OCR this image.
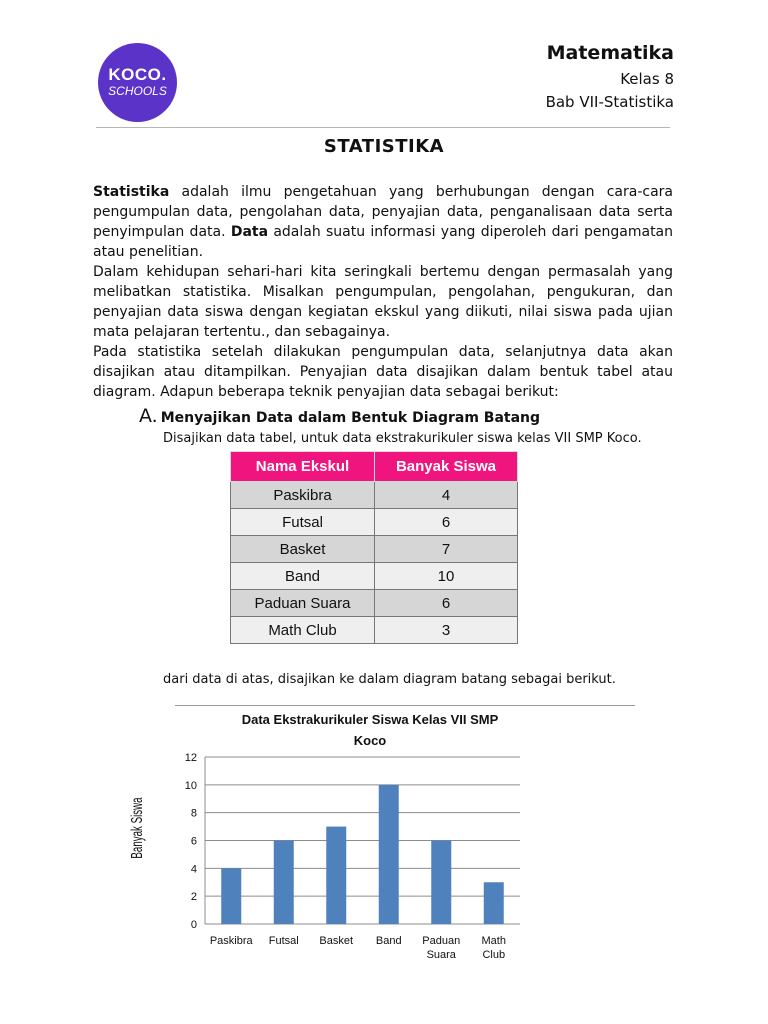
KOCO.
SCHOOLS
Matematika
Kelas 8
Bab VII-Statistika
STATISTIKA

Statistika adalah ilmu pengetahuan yang berhubungan dengan cara-cara pengumpulan data, pengolahan data, penyajian data, penganalisaan data serta penyimpulan data. Data adalah suatu informasi yang diperoleh dari pengamatan atau penelitian.

Dalam kehidupan sehari-hari kita seringkali bertemu dengan permasalah yang melibatkan statistika. Misalkan pengumpulan, pengolahan, pengukuran, dan penyajian data siswa dengan kegiatan ekskul yang diikuti, nilai siswa pada ujian mata pelajaran tertentu., dan sebagainya.

Pada statistika setelah dilakukan pengumpulan data, selanjutnya data akan disajikan atau ditampilkan. Penyajian data disajikan dalam bentuk tabel atau diagram. Adapun beberapa teknik penyajian data sebagai berikut:

A. Menyajikan Data dalam Bentuk Diagram Batang
Disajikan data tabel, untuk data ekstrakurikuler siswa kelas VII SMP Koco.
Nama Ekskul	Banyak Siswa
Paskibra	4
Futsal	6
Basket	7
Band	10
Paduan Suara	6
Math Club	3
dari data di atas, disajikan ke dalam diagram batang sebagai berikut.
Data Ekstrakurikuler Siswa Kelas VII SMP
Koco
Banyak Siswa
0
2
4
6
8
10
12
Paskibra Futsal Basket Band Paduan
Suara
Math
Club
